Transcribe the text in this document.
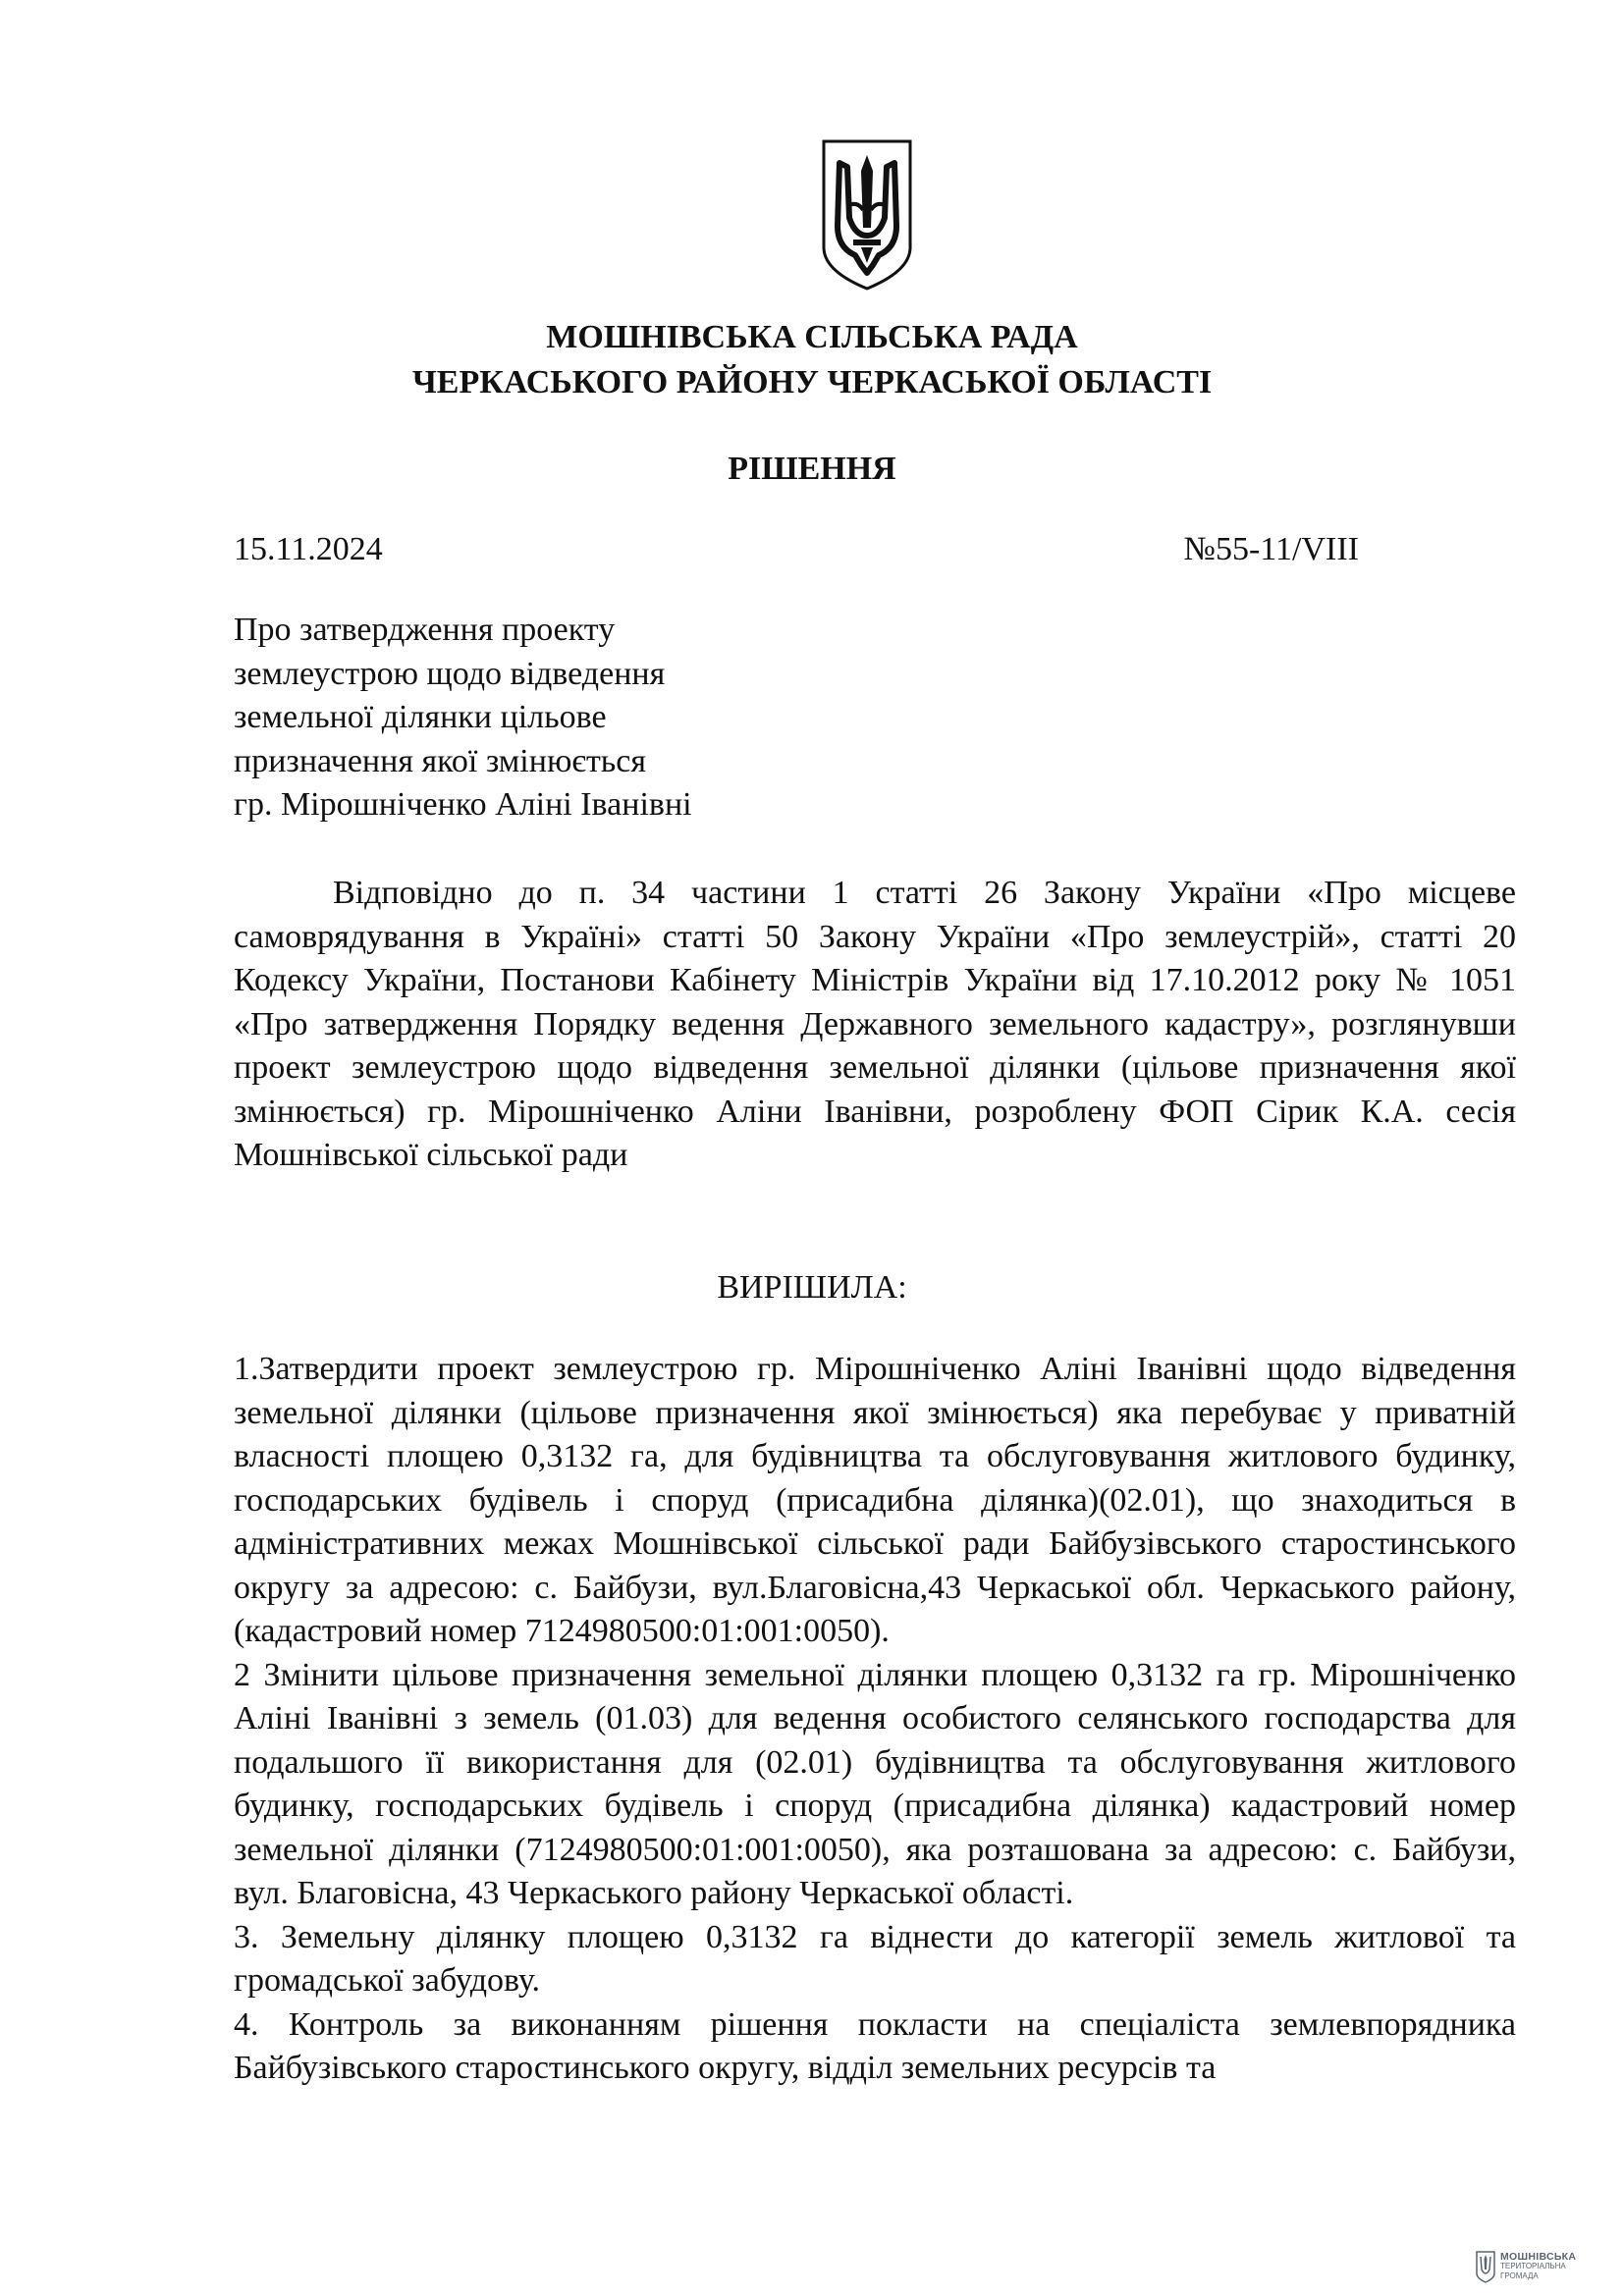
МОШНІВСЬКА СІЛЬСЬКА РАДА
ЧЕРКАСЬКОГО РАЙОНУ ЧЕРКАСЬКОЇ ОБЛАСТІ
РІШЕННЯ
15.11.2024	№55-11/VIII
Про затвердження проекту
землеустрою щодо відведення
земельної ділянки цільове
призначення якої змінюється
гр. Мірошніченко Аліні Іванівні
Відповідно до п. 34 частини 1 статті 26 Закону України «Про місцеве самоврядування в Україні» статті 50 Закону України «Про землеустрій», статті 20 Кодексу України, Постанови Кабінету Міністрів України від 17.10.2012 року № 1051 «Про затвердження Порядку ведення Державного земельного кадастру», розглянувши проект землеустрою щодо відведення земельної ділянки (цільове призначення якої змінюється) гр. Мірошніченко Аліни Іванівни, розроблену ФОП Сірик К.А. сесія Мошнівської сільської ради
ВИРІШИЛА:

1.Затвердити проект землеустрою гр. Мірошніченко Аліні Іванівні щодо відведення земельної ділянки (цільове призначення якої змінюється) яка перебуває у приватній власності площею 0,3132 га, для будівництва та обслуговування житлового будинку, господарських будівель і споруд (присадибна ділянка)(02.01), що знаходиться в адміністративних межах Мошнівської сільської ради Байбузівського старостинського округу за адресою: с. Байбузи, вул.Благовісна,43 Черкаської обл. Черкаського району, (кадастровий номер 7124980500:01:001:0050).

2 Змінити цільове призначення земельної ділянки площею 0,3132 га гр. Мірошніченко Аліні Іванівні з земель (01.03) для ведення особистого селянського господарства для подальшого її використання для (02.01) будівництва та обслуговування житлового будинку, господарських будівель і споруд (присадибна ділянка) кадастровий номер земельної ділянки (7124980500:01:001:0050), яка розташована за адресою: с. Байбузи, вул. Благовісна, 43 Черкаського району Черкаської області.

3. Земельну ділянку площею 0,3132 га віднести до категорії земель житлової та громадської забудову.

4. Контроль за виконанням рішення покласти на спеціаліста землевпорядника Байбузівського старостинського округу, відділ земельних ресурсів та

МОШНІВСЬКА
ТЕРИТОРІАЛЬНА
ГРОМАДА
